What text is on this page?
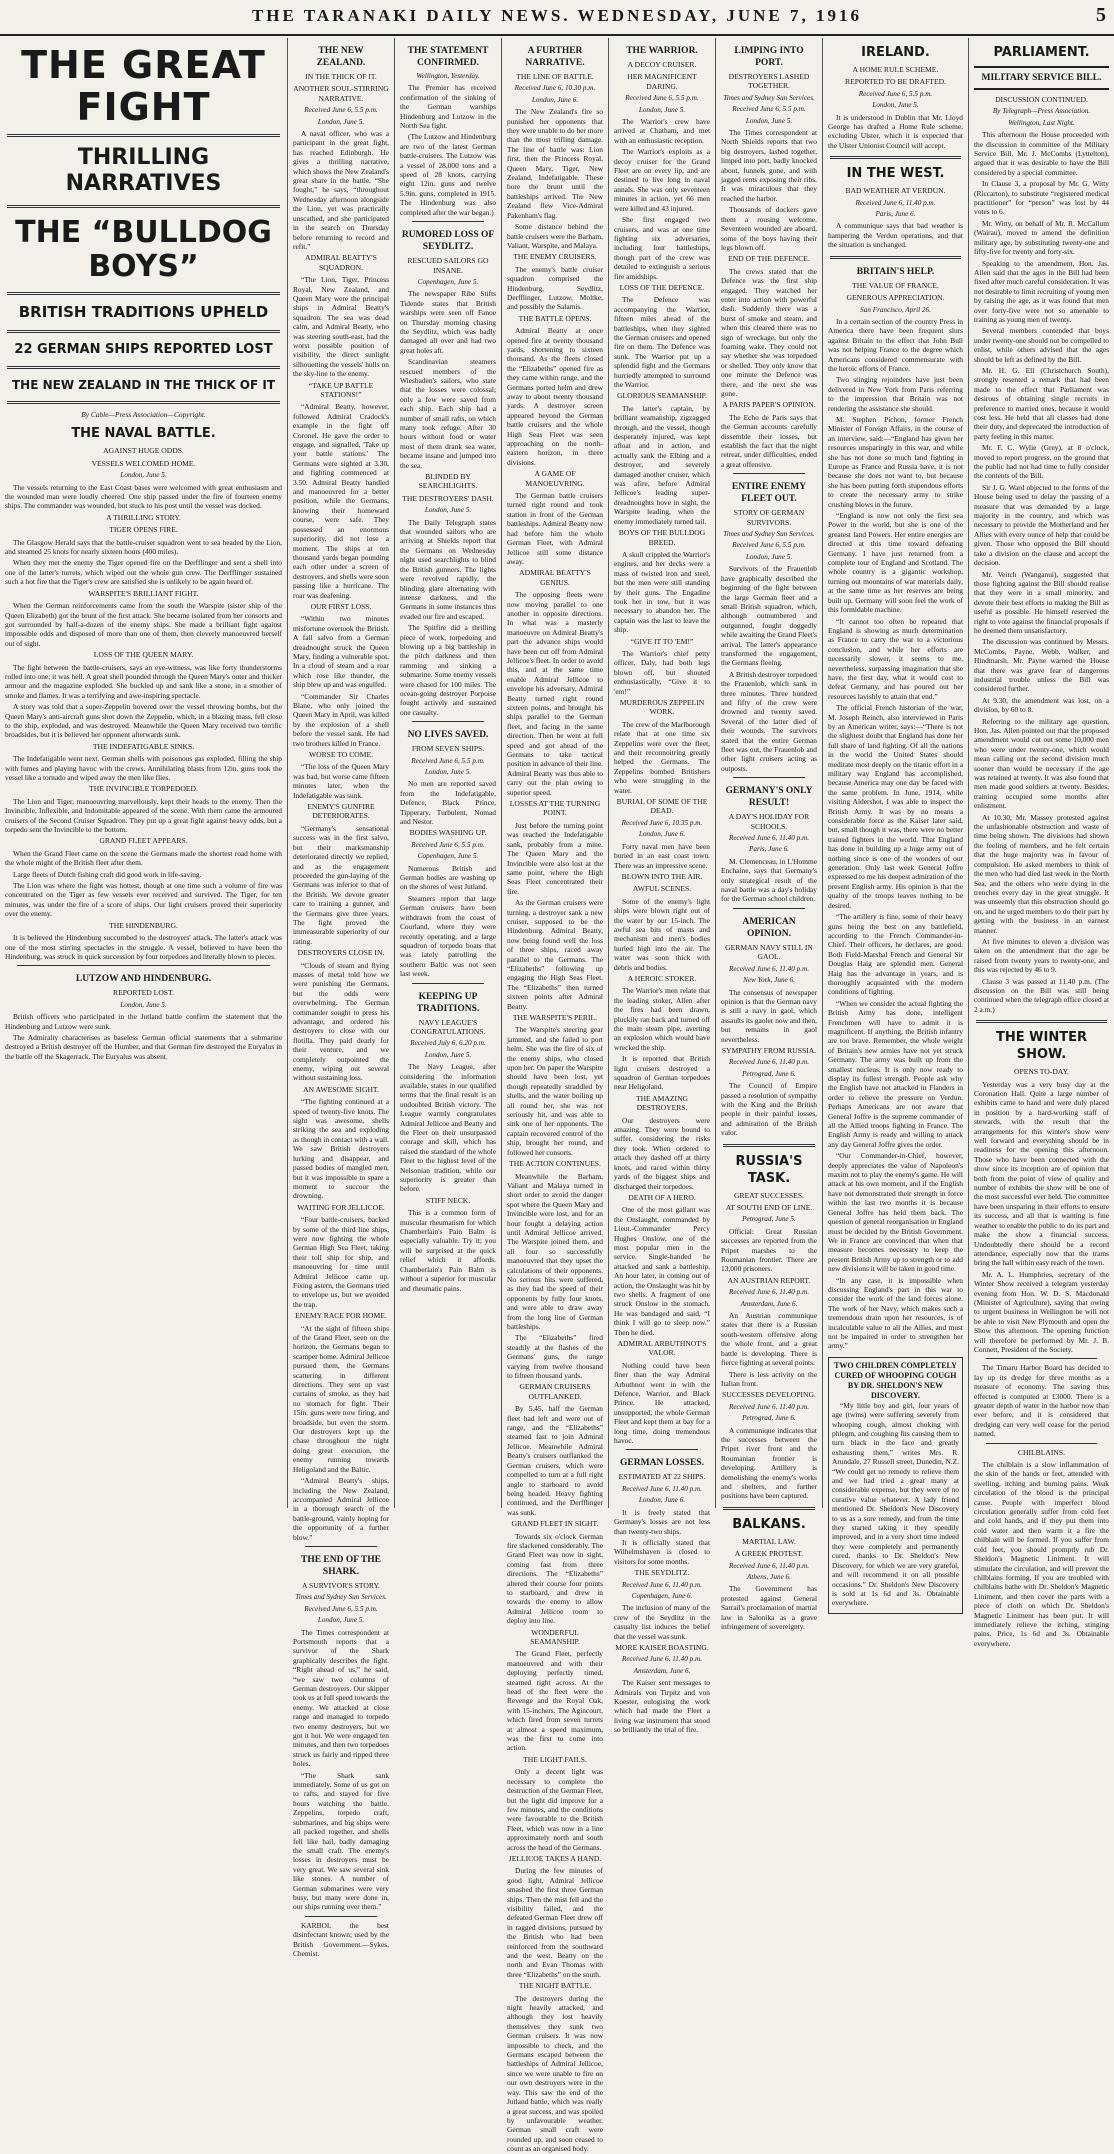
THE TARANAKI DAILY NEWS. WEDNESDAY, JUNE 7, 1916	5
THE GREAT FIGHT
THRILLING NARRATIVES
THE “BULLDOG BOYS”
BRITISH TRADITIONS UPHELD
22 GERMAN SHIPS REPORTED LOST
THE NEW ZEALAND IN THE THICK OF IT
By Cable—Press Association—Copyright.
THE NAVAL BATTLE.
AGAINST HUGE ODDS.
VESSELS WELCOMED HOME.
London, June 5.

The vessels returning to the East Coast bases were welcomed with great enthusiasm and the wounded man were loudly cheered. One ship passed under the fire of fourteen enemy ships. The commander was wounded, but stuck to his post until the vessel was docked.

A THRILLING STORY.
TIGER OPENS FIRE.

The Glasgow Herald says that the battle-cruiser squadron went to sea headed by the Lion, and steamed 25 knots for nearly sixteen hours (400 miles).

When they met the enemy the Tiger opened fire on the Derfflinger and sent a shell into one of the latter's turrets, which wiped out the whole gun crew. The Derfflinger sustained such a hot fire that the Tiger's crew are satisfied she is unlikely to be again heard of.

WARSPITE'S BRILLIANT FIGHT.

When the German reinforcements came from the south the Warspite (sister ship of the Queen Elizabeth) got the brunt of the first attack. She became isolated from her consorts and got surrounded by half-a-dozen of the enemy ships. She made a brilliant fight against impossible odds and disposed of more than one of them, then cleverly manoeuvred herself out of sight.

LOSS OF THE QUEEN MARY.

The fight between the battle-cruisers, says an eye-witness, was like forty thunderstorms rolled into one; it was hell. A great shell pounded through the Queen Mary's outer and thicker armour and the magazine exploded. She buckled up and sank like a stone, in a smother of smoke and flames. It was a terrifying and awe-inspiring spectacle.

A story was told that a super-Zeppelin hovered over the vessel throwing bombs, but the Queen Mary's anti-aircraft guns shot down the Zeppelin, which, in a blazing mass, fell close to the ship, exploded, and was destroyed. Meanwhile the Queen Mary received two terrific broadsides, but it is believed her opponent afterwards sunk.

THE INDEFATIGABLE SINKS.

The Indefatigable went next. German shells with poisonous gas exploded, filling the ship with fumes and playing havoc with the crews. Annihilating blasts from 12in. guns took the vessel like a tornado and wiped away the men like flies.

THE INVINCIBLE TORPEDOED.

The Lion and Tiger, manoeuvring marvellously, kept their heads to the enemy. Then the Invincible, Inflexible, and Indomitable appeared of the scene. With them came the armoured cruisers of the Second Cruiser Squadron. They put up a great fight against heavy odds, but a torpedo sent the Invincible to the bottom.

GRAND FLEET APPEARS.

When the Grand Fleet came on the scene the Germans made the shortest road home with the whole might of the British fleet after them.

Large fleets of Dutch fishing craft did good work in life-saving.

The Lion was where the fight was hottest, though at one time such a volume of fire was concentrated on the Tiger as few vessels ever received and survived. The Tiger, for ten minutes, was under the fire of a score of ships. Our light cruisers proved their superiority over the enemy.

THE HINDENBURG.

It is believed the Hindenburg succumbed to the destroyers' attack. The latter's attack was one of the most stirring spectacles in the struggle. A vessel, believed to have been the Hindenburg, was struck in quick succession by four torpedoes and literally blown to pieces.

LUTZOW AND HINDENBURG.
REPORTED LOST.
London, June 5.

British officers who participated in the Jutland battle confirm the statement that the Hindenburg and Lutzow were sunk.

The Admiralty characterises as baseless German official statements that a submarine destroyed a British destroyer off the Humber, and that German fire destroyed the Euryalus in the battle off the Skagerrack. The Euryalus was absent.

THE NEW ZEALAND.
IN THE THICK OF IT.
ANOTHER SOUL-STIRRING NARRATIVE.
Received June 6, 5.5 p.m.
London, June 5.

A naval officer, who was a participant in the great fight, has reached Edinburgh. He gives a thrilling narrative, which shows the New Zealand's great share in the battle. “She fought,” he says, “throughout Wednesday afternoon alongside the Lion, yet was practically unscathed, and she participated in the search on Thursday before returning to record and refit.”

ADMIRAL BEATTY'S SQUADRON.

“The Lion, Tiger, Princess Royal, New Zealand, and Queen Mary were the principal ships in Admiral Beatty's squadron. The sea was dead calm, and Admiral Beatty, who was steering south-east, had the worst possible position of visibility, the direct sunlight silhouetting the vessels' hulls on the sky-line to the enemy.

“TAKE UP BATTLE STATIONS!”

“Admiral Beatty, however, followed Admiral Cradock's example in the fight off Coronel. He gave the order to engage, and signalled, 'Take up your battle stations.' The Germans were sighted at 3.30, and fighting commenced at 3.50. Admiral Beatty handled and manoeuvred for a better position, while the Germans, knowing their homeward course, were safe. They possessed an enormous superiority, did not lose a moment. The ships at ten thousand yards began pounding each other under a screen of destroyers, and shells were soon passing like a hurricane. The roar was deafening.

OUR FIRST LOSS.

“Within two minutes misfortune overtook the British. A fall salvo from a German dreadnought struck the Queen Mary, finding a vulnerable spot. In a cloud of steam and a roar which rose like thunder, the ship blew up and was engulfed.

“Commander Sir Charles Blane, who only joined the Queen Mary in April, was killed by the explosion of a shell before the vessel sank. He had two brothers killed in France.

WORSE TO COME.

“The loss of the Queen Mary was bad, but worse came fifteen minutes later, when the Indefatigable was sunk.

ENEMY'S GUNFIRE DETERIORATES.

“Germany's sensational success was in the first salvo, but their marksmanship deteriorated directly we replied, and as the engagement proceeded the gun-laying of the Germans was inferior to that of the British. We devote greater care to training a gunner, and the Germans give three years. The fight proved the immeasurable superiority of our rating.

DESTROYERS CLOSE IN.

“Clouds of steam and flying masses of metal told how we were punishing the Germans, but the odds were overwhelming. The German commander sought to press his advantage, and ordered his destroyers to close with our flotilla. They paid dearly for their venture, and we completely outpointed the enemy, wiping out several without sustaining loss.

AN AWESOME SIGHT.

“The fighting continued at a speed of twenty-five knots. The sight was awesome, shells striking the sea and exploding as though in contact with a wall. We saw British destroyers lurking and disappear, and passed bodies of mangled men, but it was impossible to spare a moment to succour the drowning.

WAITING FOR JELLICOE.

“Four battle-cruisers, backed by some of the third line ships, were now fighting the whole German High Sea Fleet, taking their toll ship for ship, and manoeuvring for time until Admiral Jellicoe came up. Fixing astern, the Germans tried to envelope us, but we avoided the trap.

ENEMY RACE FOR HOME.

“At the sight of fifteen ships of the Grand Fleet, seen on the horizon, the Germans began to scamper home. Admiral Jellicoe pursued them, the Germans scattering in different directions. They sent up vast curtains of smoke, as they had no stomach for fight. Their 15in. guns were now firing, and broadside, but even the storm. Our destroyers kept up the chase throughout the night doing great execution, the enemy running towards Heligoland and the Baltic.

“Admiral Beatty's ships, including the New Zealand, accompanied Admiral Jellicoe in a thorough search of the battle-ground, vainly hoping for the opportunity of a further blow.”

THE END OF THE SHARK.
A SURVIVOR'S STORY.
Times and Sydney Sun Services.
Received June 6, 5.5 p.m.
London, June 5.

The Times correspondent at Portsmouth reports that a survivor of the Shark graphically describes the fight. “Right ahead of us,” he said, “we saw two columns of German destroyers. Our skipper took us at full speed towards the enemy. We attacked at close range and managed to torpedo two enemy destroyers, but we got it hot. We were engaged ten minutes, and then two torpedoes struck us fairly and ripped three holes.

“The Shark sank immediately. Some of us got on to rafts, and stayed for five hours watching the battle. Zeppelins, torpedo craft, submarines, and big ships were all packed together, and shells fell like hail, badly damaging the small craft. The enemy's losses in destroyers must be very great. We saw several sink like stones. A number of German submarines were very busy, but many were done in, our ships running over them.”

KARBOL the best disinfectant known; used by the British Government.—Sykes, Chemist.

THE STATEMENT CONFIRMED.
Wellington, Yesterday.

The Premier has received confirmation of the sinking of the German warships Hindenburg and Lutzow in the North Sea fight.

(The Lutzow and Hindenburg are two of the latest German battle-cruisers. The Lutzow was a vessel of 28,000 tons and a speed of 28 knots, carrying eight 12in. guns and twelve 5.9in. guns, completed in 1915. The Hindenburg was also completed after the war began.)

RUMORED LOSS OF SEYDLITZ.
RESCUED SAILORS GO INSANE.
Copenhagen, June 5.

The newspaper Ribe Stifts Tidende states that British warships were seen off Fanoe on Thursday morning chasing the Seydlitz, which was badly damaged all over and had two great holes aft.

Scandinavian steamers rescued members of the Wiesbaden's sailors, who state that the losses were colossal; only a few were saved from each ship. Each ship had a number of small rafts, on which many took refuge. After 30 hours without food or water most of them drank sea water, became insane and jumped into the sea.

BLINDED BY SEARCHLIGHTS.
THE DESTROYERS' DASH.
London, June 5.

The Daily Telegraph states that wounded sailors who are arriving at Shields report that the Germans on Wednesday night used searchlights to blind the British gunners. The lights were revolved rapidly, the blinding glare alternating with intense darkness, and the Germans in some instances thus evaded our fire and escaped.

The Spitfire did a thrilling piece of work, torpedoing and blowing up a big battleship in the pitch darkness and then ramming and sinking a submarine. Some enemy vessels were chased for 100 miles. The ocean-going destroyer Porpoise fought actively and sustained one casualty.

NO LIVES SAVED.
FROM SEVEN SHIPS.
Received June 6, 5.5 p.m.
London, June 5.

No men are reported saved from the Indefatigable, Defence, Black Prince, Tipperary, Turbulent, Nomad and Nestor.

BODIES WASHING UP.
Received June 6, 5.5 p.m.
Copenhagen, June 5.

Numerous British and German bodies are washing up on the shores of west Jutland.

Steamers report that large German cruisers have been withdrawn from the coast of Courland, where they were recently operating, and a large squadron of torpedo boats that was lately patrolling the southern Baltic was not seen last week.

KEEPING UP TRADITIONS.
NAVY LEAGUE'S CONGRATULATIONS.
Received July 6, 6.20 p.m.
London, June 5.

The Navy League, after considering the information available, states in our qualified terms that the final result is an undoubted British victory. The League warmly congratulates Admiral Jellicoe and Beatty and the Fleet on their unsurpassed courage and skill, which has raised the standard of the whole Fleet to the highest level of the Nelsonian tradition, while our superiority is greater than before.

STIFF NECK.

This is a common form of muscular rheumatism for which Chamberlain's Pain Balm is especially valuable. Try it; you will be surprised at the quick relief which it affords. Chamberlain's Pain Balm is without a superior for muscular and rheumatic pains.

A FURTHER NARRATIVE.
THE LINE OF BATTLE.
Received June 6, 10.30 p.m.
London, June 6.

The New Zealand's fire so punished her opponents that they were unable to do her more than the most trifling damage. The line of battle was: Lion first, then the Princess Royal, Queen Mary, Tiger, New Zealand, Indefatigable. These bore the brunt until the battleships arrived. The New Zealand flew Vice-Admiral Pakenham's flag.

Some distance behind the battle cruisers were the Barham, Valiant, Warspite, and Malaya.

THE ENEMY CRUISERS.

The enemy's battle cruiser squadron comprised the Hindenburg, Seydlitz, Derfflinger, Lutzow, Moltke, and possibly the Salamis.

THE BATTLE OPENS.

Admiral Beatty at once opened fire at twenty thousand yards, shortening to sixteen thousand. As the fleets closed the “Elizabeths” opened fire as they came within range, and the Germans ported helm and drew away to about twenty thousand yards. A destroyer screen appeared beyond the German battle cruisers and the whole High Seas Fleet was seen approaching on the north-eastern horizon, in three divisions.

A GAME OF MANOEUVRING.

The German battle cruisers turned right round and took station in front of the German battleships. Admiral Beatty now had before him the whole German Fleet, with Admiral Jellicoe still some distance away.

ADMIRAL BEATTY'S GENIUS.

The opposing fleets were now moving parallel to one another in opposite directions. In what was a masterly manoeuvre on Admiral Beatty's part the advance ships would have been cut off from Admiral Jellicoe's fleet. In order to avoid this, and at the same time enable Admiral Jellicoe to envelope his adversary, Admiral Beatty turned right round sixteen points, and brought his ships parallel to the German fleet, and facing in the same direction. Then he went at full speed and got ahead of the Germans to take tactical position in advance of their line. Admiral Beatty was thus able to carry out the plan owing to superior speed.

LOSSES AT THE TURNING POINT.

Just before the turning point was reached the Indefatigable sank, probably from a mine. The Queen Mary and the Invincible were also lost at the same point, where the High Seas Fleet concentrated their fire.

As the German cruisers were turning, a destroyer sank a new cruiser, supposed to be the Hindenburg. Admiral Beatty, now being found well the loss of three ships, raced away parallel to the Germans. The “Elizabeths” following up engaging the High Seas Fleet. The “Elizabeths” then turned sixteen points after Admiral Beatty.

THE WARSPITE'S PERIL.

The Warspite's steering gear jammed, and she failed to port helm. She was the fire of six of the enemy ships, who closed upon her. On paper the Warspite should have been lost, yet though repeatedly straddled by shells, and the water boiling up all round her, she was not seriously hit, and was able to sink one of her opponents. The captain recovered control of the ship, brought her round, and followed her consorts.

THE ACTION CONTINUES.

Meanwhile the Barham, Valiant and Malaya turned in short order to avoid the danger spot where the Queen Mary and Invincible were lost, and for an hour fought a delaying action until Admiral Jellicoe arrived. The Warspite joined them, and all four so successfully manoeuvred that they upset the calculations of their opponents. No serious hits were suffered, as they had the speed of their opponents by fully four knots, and were able to draw away from the long line of German battleships.

The “Elizabeths” fired steadily at the flashes of the Germans' guns, the range varying from twelve thousand to fifteen thousand yards.

GERMAN CRUISERS OUTFLANKED.

By 5.45, half the German fleet had left and were out of range, and the “Elizabeths” steamed fast to join Admiral Jellicoe. Meanwhile Admiral Beatty's cruisers outflanked the German cruisers, which were compelled to turn at a full right angle to starboard to avoid being headed. Heavy fighting continued, and the Derfflinger was sunk.

GRAND FLEET IN SIGHT.

Towards six o'clock German fire slackened considerably. The Grand Fleet was now in sight, coming fast from three directions. The “Elizabeths” altered their course four points to starboard, and drew in towards the enemy to allow Admiral Jellicoe room to deploy into line.

WONDERFUL SEAMANSHIP.

The Grand Fleet, perfectly manoeuvred and with their deploying perfectly timed, steamed right across. At the head of the fleet were the Revenge and the Royal Oak, with 15-inchers. The Agincourt, which fired from seven turrets at almost a speed maximum, was the first to come into action.

THE LIGHT FAILS.

Only a decent light was necessary to complete the destruction of the German Fleet, but the light did improve for a few minutes, and the conditions were favourable to the British Fleet, which was now in a line approximately north and south across the head of the Germans.

JELLICOE TAKES A HAND.

During the few minutes of good light, Admiral Jellicoe smashed the first three German ships. Then the mist fell and the visibility failed, and the defeated German Fleet drew off in ragged divisions, pursued by the British who had been reinforced from the southward and the west. Beatty on the north and Evan Thomas with three “Elizabeths” on the south.

THE NIGHT BATTLE.

The destroyers during the night heavily attacked, and although they lost heavily themselves they sunk two German cruisers. It was now impossible to check, and the Germans escaped between the battleships of Admiral Jellicoe, since we were unable to fire on our own destroyers were in the way. This saw the end of the Jutland battle, which was really a great success, and was spoiled by unfavourable weather. German small craft were rounded up, and soon ceased to count as an organised body.

THE WARRIOR.
A DECOY CRUISER.
HER MAGNIFICENT DARING.
Received June 6, 5.5 p.m.
London, June 5.

The Warrior's crew have arrived at Chatham, and met with an enthusiastic reception.

The Warrior's exploits as a decoy cruiser for the Grand Fleet are on every lip, and are destined to live long in naval annals. She was only seventeen minutes in action, yet 66 men were killed and 43 injured.

She first engaged two cruisers, and was at one time fighting six adversaries, including four battleships, though part of the crew was detailed to extinguish a serious fire amidships.

LOSS OF THE DEFENCE.

The Defence was accompanying the Warrior, fifteen miles ahead of the battleships, when they sighted the German cruisers and opened fire on them. The Defence was sunk. The Warrior put up a splendid fight and the Germans hurriedly attempted to surround the Warrior.

GLORIOUS SEAMANSHIP.

The latter's captain, by brilliant seamanship, zigzagged through, and the vessel, though desperately injured, was kept afloat and in action, and actually sank the Elbing and a destroyer, and severely damaged another cruiser, which was afire, before Admiral Jellicoe's leading super-dreadnoughts hove in sight, the Warspite leading, when the enemy immediately turned tail.

BOYS OF THE BULLDOG BREED.

A skull crippled the Warrior's engines, and her decks were a mass of twisted iron and steel, but the men were still standing by their guns. The Engadine took her in tow, but it was necessary to abandon her. The captain was the last to leave the ship.

“GIVE IT TO 'EM!”

The Warrior's chief petty officer, Daly, had both legs blown off, but shouted enthusiastically, “Give it to 'em!”

MURDEROUS ZEPPELIN WORK.

The crew of the Marlborough relate that at one time six Zeppelins were over the fleet, and their reconnoitring greatly helped the Germans. The Zeppelins bombed Britishers who were struggling in the water.

BURIAL OF SOME OF THE DEAD.
Received June 6, 10.35 p.m.
London, June 6.

Forty naval men have been buried in an east coast town. There was an impressive scene.

BLOWN INTO THE AIR.
AWFUL SCENES.

Some of the enemy's light ships were blown right out of the water by our 15-inch. The awful sea bits of masts and mechanism and men's bodies hurled high into the air. The water was soon thick with debris and bodies.

A HEROIC STOKER.

The Warrior's men relate that the leading stoker, Allen after the fires had been drawn, pluckily ran back and turned off the main steam pipe, averting an explosion which would have wrecked the ship.

It is reported that British light cruisers destroyed a squadron of German torpedoes near Heligoland.

THE AMAZING DESTROYERS.

Our destroyers were amazing. They were bound to suffer, considering the risks they took. When ordered to attack they dashed off at thirty knots, and raced within thirty yards of the biggest ships and discharged their torpedoes.

DEATH OF A HERO.

One of the most gallant was the Onslaught, commanded by Lieut.-Commander Percy Hughes Onslow, one of the most popular men in the service. Single-handed he attacked and sank a battleship. An hour later, in coming out of action, the Onslaught was hit by two shells. A fragment of one struck Onslow in the stomach. He was bandaged and said, “I think I will go to sleep now.” Then he died.

ADMIRAL ARBUTHNOT'S VALOR.

Nothing could have been finer than the way Admiral Arbuthnot went in with the Defence, Warrior, and Black Prince. He attacked, unsupported, the whole German Fleet and kept them at bay for a long time, doing tremendous havoc.

GERMAN LOSSES.
ESTIMATED AT 22 SHIPS.
Received June 6, 11.40 p.m.
London, June 6.

It is freely stated that Germany's losses are not less than twenty-two ships.

It is officially stated that Wilhelmshaven is closed to visitors for some months.

THE SEYDLITZ.
Received June 6, 11.40 p.m.
Copenhagen, June 6.

The inclusion of many of the crew of the Seydlitz in the casualty list induces the belief that the vessel was sunk.

MORE KAISER BOASTING.
Received June 6, 11.40 p.m.
Amsterdam, June 6.

The Kaiser sent messages to Admirals von Tirpitz and von Koester, eulogising the work which had made the Fleet a living war instrument that stood so brilliantly the trial of fire.

LIMPING INTO PORT.
DESTROYERS LASHED TOGETHER.
Times and Sydney Sun Services.
Received June 6, 5.5 p.m.
London, June 5.

The Times correspondent at North Shields reports that two big destroyers, lashed together, limped into port, badly knocked about, funnels gone, and with jagged rents exposing their ribs. It was miraculous that they reached the harbor.

Thousands of dockers gave them a rousing welcome. Seventeen wounded are aboard, some of the boys having their legs blown off.

END OF THE DEFENCE.

The crews stated that the Defence was the first ship engaged. They watched her enter into action with powerful dash. Suddenly there was a burst of smoke and steam, and when this cleared there was no sign of wreckage, but only the foaming wake. They could not say whether she was torpedoed or shelled. They only know that one minute the Defence was there, and the next she was gone.

A PARIS PAPER'S OPINION.

The Echo de Paris says that the German accounts carefully dissemble their losses, but establish the fact that the night retreat, under difficulties, ended a great offensive.

ENTIRE ENEMY FLEET OUT.
STORY OF GERMAN SURVIVORS.
Times and Sydney Sun Services.
Received June 6, 5.5 p.m.
London, June 5.

Survivors of the Frauenlob have graphically described the beginning of the fight between the large German fleet and a small British squadron, which, although outnumbered and outgunned, fought doggedly while awaiting the Grand Fleet's arrival. The latter's appearance transformed the engagement, the Germans fleeing.

A British destroyer torpedoed the Frauenlob, which sank in three minutes. Three hundred and fifty of the crew were drowned and twenty saved. Several of the latter died of their wounds. The survivors stated that the entire German fleet was out, the Frauenlob and other light cruisers acting as outposts.

GERMANY'S ONLY RESULT!
A DAY'S HOLIDAY FOR SCHOOLS.
Received June 6, 11.40 p.m.
Paris, June 6.

M. Clemenceau, in L'Homme Enchaine, says that Germany's only strategical result of the naval battle was a day's holiday for the German school children.

AMERICAN OPINION.
GERMAN NAVY STILL IN GAOL.
Received June 6, 11.40 p.m.
New York, June 6.

The consensus of newspaper opinion is that the German navy is still a navy in gaol, which assaults its gaoler now and then, but remains in gaol nevertheless.

SYMPATHY FROM RUSSIA.
Received June 6, 11.40 p.m.
Petrograd, June 6.

The Council of Empire passed a resolution of sympathy with the King and the British people in their painful losses, and admiration of the British valor.

RUSSIA'S TASK.
GREAT SUCCESSES.
AT SOUTH END OF LINE.
Petrograd, June 5.

Official: Great Russian successes are reported from the Pripet marshes to the Roumanian frontier. There are 13,000 prisoners.

AN AUSTRIAN REPORT.
Received June 6, 11.40 p.m.
Amsterdam, June 6.

An Austrian communique states that there is a Russian south-western offensive along the whole front, and a great battle is developing. There is fierce fighting at several points.

There is less activity on the Italian front.

SUCCESSES DEVELOPING.
Received June 6, 11.40 p.m.
Petrograd, June 6.

A communique indicates that the successes between the Pripet river front and the Roumanian frontier is developing. Artillery is demolishing the enemy's works and shelters, and further positions have been captured.

BALKANS.
MARTIAL LAW.
A GREEK PROTEST.
Received June 6, 11.40 p.m.
Athens, June 6.

The Government has protested against General Sarrail's proclamation of martial law in Salonika as a grave infringement of sovereignty.

IRELAND.
A HOME RULE SCHEME.
REPORTED TO BE DRAFTED.
Received June 6, 5.5 p.m.
London, June 5.

It is understood in Dublin that Mr. Lloyd George has drafted a Home Rule scheme, excluding Ulster, which it is expected that the Ulster Unionist Council will accept.

IN THE WEST.
BAD WEATHER AT VERDUN.
Received June 6, 11.40 p.m.
Paris, June 6.

A communique says that bad weather is hampering the Verdun operations, and that the situation is unchanged.

BRITAIN'S HELP.
THE VALUE OF FRANCE.
GENEROUS APPRECIATION.
San Francisco, April 26.

In a certain section of the country Press in America there have been frequent slurs against Britain to the effect that John Bull was not helping France to the degree which Americans considered commensurate with the heroic efforts of France.

Two stinging rejoinders have just been delivered in New York from Paris referring to the impression that Britain was not rendering the assistance she should.

M. Stephen Pichon, former French Minister of Foreign Affairs, in the course of an interview, said:—“England has given her resources unsparingly in this war, and while she has not done so much land fighting in Europe as France and Russia have, it is not because she does not want to, but because she has been putting forth stupendous efforts to create the necessary army to strike crushing blows in the future.

“England is now not only the first sea Power in the world, but she is one of the greatest land Powers. Her entire energies are directed at this time toward defeating Germany. I have just returned from a complete tour of England and Scotland. The whole country is a gigantic workshop, turning out mountains of war materials daily, at the same time as her reserves are being built up. Germany will soon feel the work of this formidable machine.

“It cannot too often be repeated that England is showing as much determination as France to carry the war to a victorious conclusion, and while her efforts are necessarily slower, it seems to me, nevertheless, surpassing imagination that she have, the first day, what it would cost to defeat Germany, and has poured out her resources lavishly to attain that end.”

The official French historian of the war, M. Joseph Reinch, also interviewed in Paris by an American writer, says:—“There is not the slightest doubt that England has done her full share of land fighting. Of all the nations in the world the United States should meditate most deeply on the titanic effort in a military way England has accomplished, because America may one day be faced with the same problem. In June, 1914, while visiting Aldershot, I was able to inspect the British Army. It was by no means a considerable force as the Kaiser later said, but, small though it was, there were no better trained fighters in the world. That England has done in building up a huge army out of nothing since is one of the wonders of our generation. Only last week General Joffre expressed to me his deepest admiration of the present English army. His opinion is that the quality of the troops leaves nothing to be desired.

“The artillery is fine, some of their heavy guns being the best on any battlefield, according to the French Commander-in-Chief. Their officers, he declares, are good. Both Field-Marshal French and General Sir Douglas Haig are splendid men. General Haig has the advantage in years, and is thoroughly acquainted with the modern conditions of fighting.

“When we consider the actual fighting the British Army has done, intelligent Frenchmen will have to admit it is magnificent. If anything, the British infantry are too brave. Remember, the whole weight of Britain's new armies have not yet struck Germany. The army was built up from the smallest nucleus. It is only now ready to display its fullest strength. People ask why the English have not attacked in Flanders in order to relieve the pressure on Verdun. Perhaps Americans are not aware that General Joffre is the supreme commander of all the Allied troops fighting in France. The English Army is ready and willing to attack any day General Joffre gives the order.

“Our Commander-in-Chief, however, deeply appreciates the value of Napoleon's maxim not to play the enemy's game. He will attack at his own moment, and if the English have not demonstrated their strength in force within the last two months it is because General Joffre has held them back. The question of general reorganisation in England must be decided by the British Government. We in France are convinced that when that measure becomes necessary to keep the present British Army up to strength or to add new divisions it will be taken in good time.

“In any case, it is impossible when discussing England's part in this war to consider the work of the land forces alone. The work of her Navy, which makes such a tremendous drain upon her resources, is of incalculable value to all the Allies, and must not be impaired in order to strengthen her army.”

TWO CHILDREN COMPLETELY CURED OF WHOOPING COUGH BY DR. SHELDON'S NEW DISCOVERY.

“My little boy and girl, four years of age (twins) were suffering severely from whooping cough, almost choking with phlegm, and coughing fits causing them to turn black in the face and greatly exhausting them,” writes Mrs. R. Arundale, 27 Russell street, Dunedin, N.Z. “We could get no remedy to relieve them and we had tried a great many at considerable expense, but they were of no curative value whatever. A lady friend mentioned Dr. Sheldon's New Discovery to us as a sure remedy, and from the time they started taking it they speedily improved, and in a very short time indeed they were completely and permanently cured, thanks to Dr. Sheldon's New Discovery, for which we are very grateful, and will recommend it on all possible occasions.” Dr. Sheldon's New Discovery is sold at 1s 6d and 3s. Obtainable everywhere.

PARLIAMENT.
MILITARY SERVICE BILL.
DISCUSSION CONTINUED.
By Telegraph—Press Association.
Wellington, Last Night.

This afternoon the House proceeded with the discussion in committee of the Military Service Bill. Mr. J. McCombs (Lyttelton), argued that it was desirable to have the Bill considered by a special committee.

In Clause 3, a proposal by Mr. G. Witty (Riccarton), to substitute “registered medical practitioner” for “person” was lost by 44 votes to 6.

Mr. Witty, on behalf of Mr. R. McCallum (Wairau), moved to amend the definition military age, by substituting twenty-one and fifty-five for twenty and forty-six.

Speaking to the amendment, Hon. Jas. Allen said that the ages in the Bill had been fixed after much careful consideration. It was not desirable to limit recruiting of young men by raising the age, as it was found that men over forty-five were not so amenable to training as young men of twenty.

Several members contended that boys under twenty-one should not be compelled to enlist, while others advised that the ages should be left as defined by the Bill.

Mr. H. G. Ell (Christchurch South), strongly resented a remark that had been made to the effect that Parliament was desirous of obtaining single recruits in preference to married ones, because it would cost less. He held that all classes had done their duty, and deprecated the introduction of party feeling in this matter.

Mr. F. C. Wylie (Grey), at 8 o'clock, moved to report progress, on the ground that the public had not had time to fully consider the contents of the Bill.

Sir J. G. Ward objected to the forms of the House being used to delay the passing of a measure that was demanded by a large majority in the country, and which was necessary to provide the Motherland and her Allies with every ounce of help that could be given. Those who opposed the Bill should take a division on the clause and accept the decision.

Mr. Veitch (Wanganui), suggested that those fighting against the Bill should realise that they were in a small minority, and devote their best efforts to making the Bill as useful as possible. He himself reserved the right to vote against the financial proposals if he deemed them unsatisfactory.

The discussion was continued by Messrs. McCombs, Payne, Webb, Walker, and Hindmarsh. Mr. Payne warned the House that there was grave fear of dangerous industrial trouble unless the Bill was considered further.

At 9.30, the amendment was lost, on a division, by 60 to 8.

Referring to the military age question, Hon. Jas. Allen pointed out that the proposed amendment would cut out some 10,000 men who were under twenty-one, which would mean calling out the second division much sooner than would be necessary if the age was retained at twenty. It was also found that men made good soldiers at twenty. Besides, training occupied some months after enlistment.

At 10.30, Mr. Massey protested against the unfashionable obstruction and waste of time being shown. The divisions had shown the feeling of members, and he felt certain that the huge majority was in favour of compulsion. He asked members to think of the men who had died last week in the North Sea, and the others who were dying in the trenches every day in the great struggle. It was unseemly that this obstruction should go on, and he urged members to do their part by getting with the business in an earnest manner.

At five minutes to eleven a division was taken on the amendment that the age be raised from twenty years to twenty-one, and this was rejected by 46 to 9.

Clause 3 was passed at 11.40 p.m. (The discussion on the Bill was still being continued when the telegraph office closed at 2 a.m.)

THE WINTER SHOW.
OPENS TO-DAY.

Yesterday was a very busy day at the Coronation Hall. Quite a large number of exhibits came to hand and were duly placed in position by a hard-working staff of stewards, with the result that the arrangements for this winter's show were well forward and everything should be in readiness for the opening this afternoon. Those who have been connected with the show since its inception are of opinion that both from the point of view of quality and number of exhibits the show will be one of the most successful ever held. The committee have been unsparing in their efforts to ensure its success, and all that is wanting is fine weather to enable the public to do its part and make the show a financial success. Undoubtedly there should be a record attendance, especially now that the trams bring the hall within easy reach of the town.

Mr. A. L. Humphries, secretary of the Winter Show received a telegram yesterday evening from Hon. W. D. S. Macdonald (Minister of Agriculture), saying that owing to urgent business in Wellington he will not be able to visit New Plymouth and open the Show this afternoon. The opening function will therefore be performed by Mr. J. B. Connett, President of the Society.

The Timaru Harbor Board has decided to lay up its dredge for three months as a measure of economy. The saving thus effected is computed at £3000. There is a greater depth of water in the harbor now than ever before, and it is considered that dredging can very well cease for the period named.

CHILBLAINS.

The chilblain is a slow inflammation of the skin of the hands or feet, attended with swelling, itching and burning pains. Weak circulation of the blood is the principal cause. People with imperfect blood circulation generally suffer from cold feet and cold hands, and if they put them into cold water and then warm it a fire the chilblain will be formed. If you suffer from cold feet, you should promptly rub Dr. Sheldon's Magnetic Liniment. It will stimulate the circulation, and will prevent the chilblains forming. If you are troubled with chilblains bathe with Dr. Sheldon's Magnetic Liniment, and then cover the parts with a piece of cloth on which Dr. Sheldon's Magnetic Liniment has been put. It will immediately relieve the itching, stinging pains. Price, 1s 6d and 3s. Obtainable everywhere.
